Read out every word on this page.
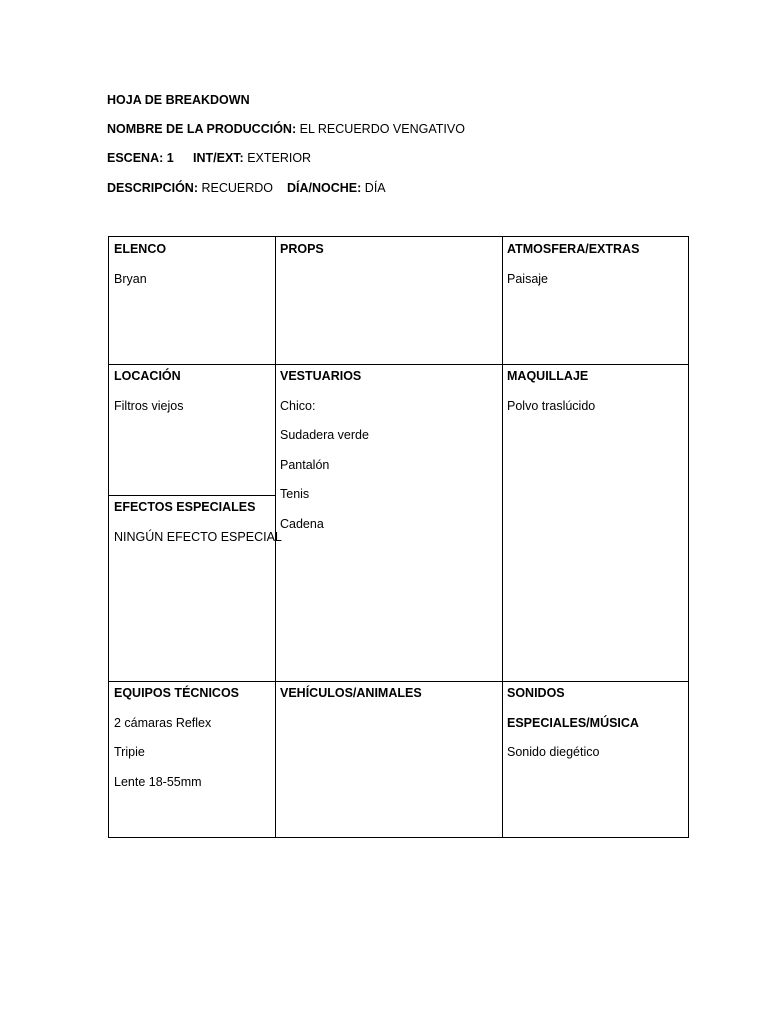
HOJA DE BREAKDOWN
NOMBRE DE LA PRODUCCIÓN: EL RECUERDO VENGATIVO
ESCENA: 1 INT/EXT: EXTERIOR
DESCRIPCIÓN: RECUERDO DÍA/NOCHE: DÍA
ELENCO
Bryan
PROPS	ATMOSFERA/EXTRAS
Paisaje
LOCACIÓN
Filtros viejos
EFECTOS ESPECIALES
NINGÚN EFECTO ESPECIAL
VESTUARIOS
Chico:
Sudadera verde
Pantalón
Tenis
Cadena
MAQUILLAJE
Polvo traslúcido
EQUIPOS TÉCNICOS
2 cámaras Reflex
Tripie
Lente 18-55mm
VEHÍCULOS/ANIMALES	SONIDOS
ESPECIALES/MÚSICA
Sonido diegético
